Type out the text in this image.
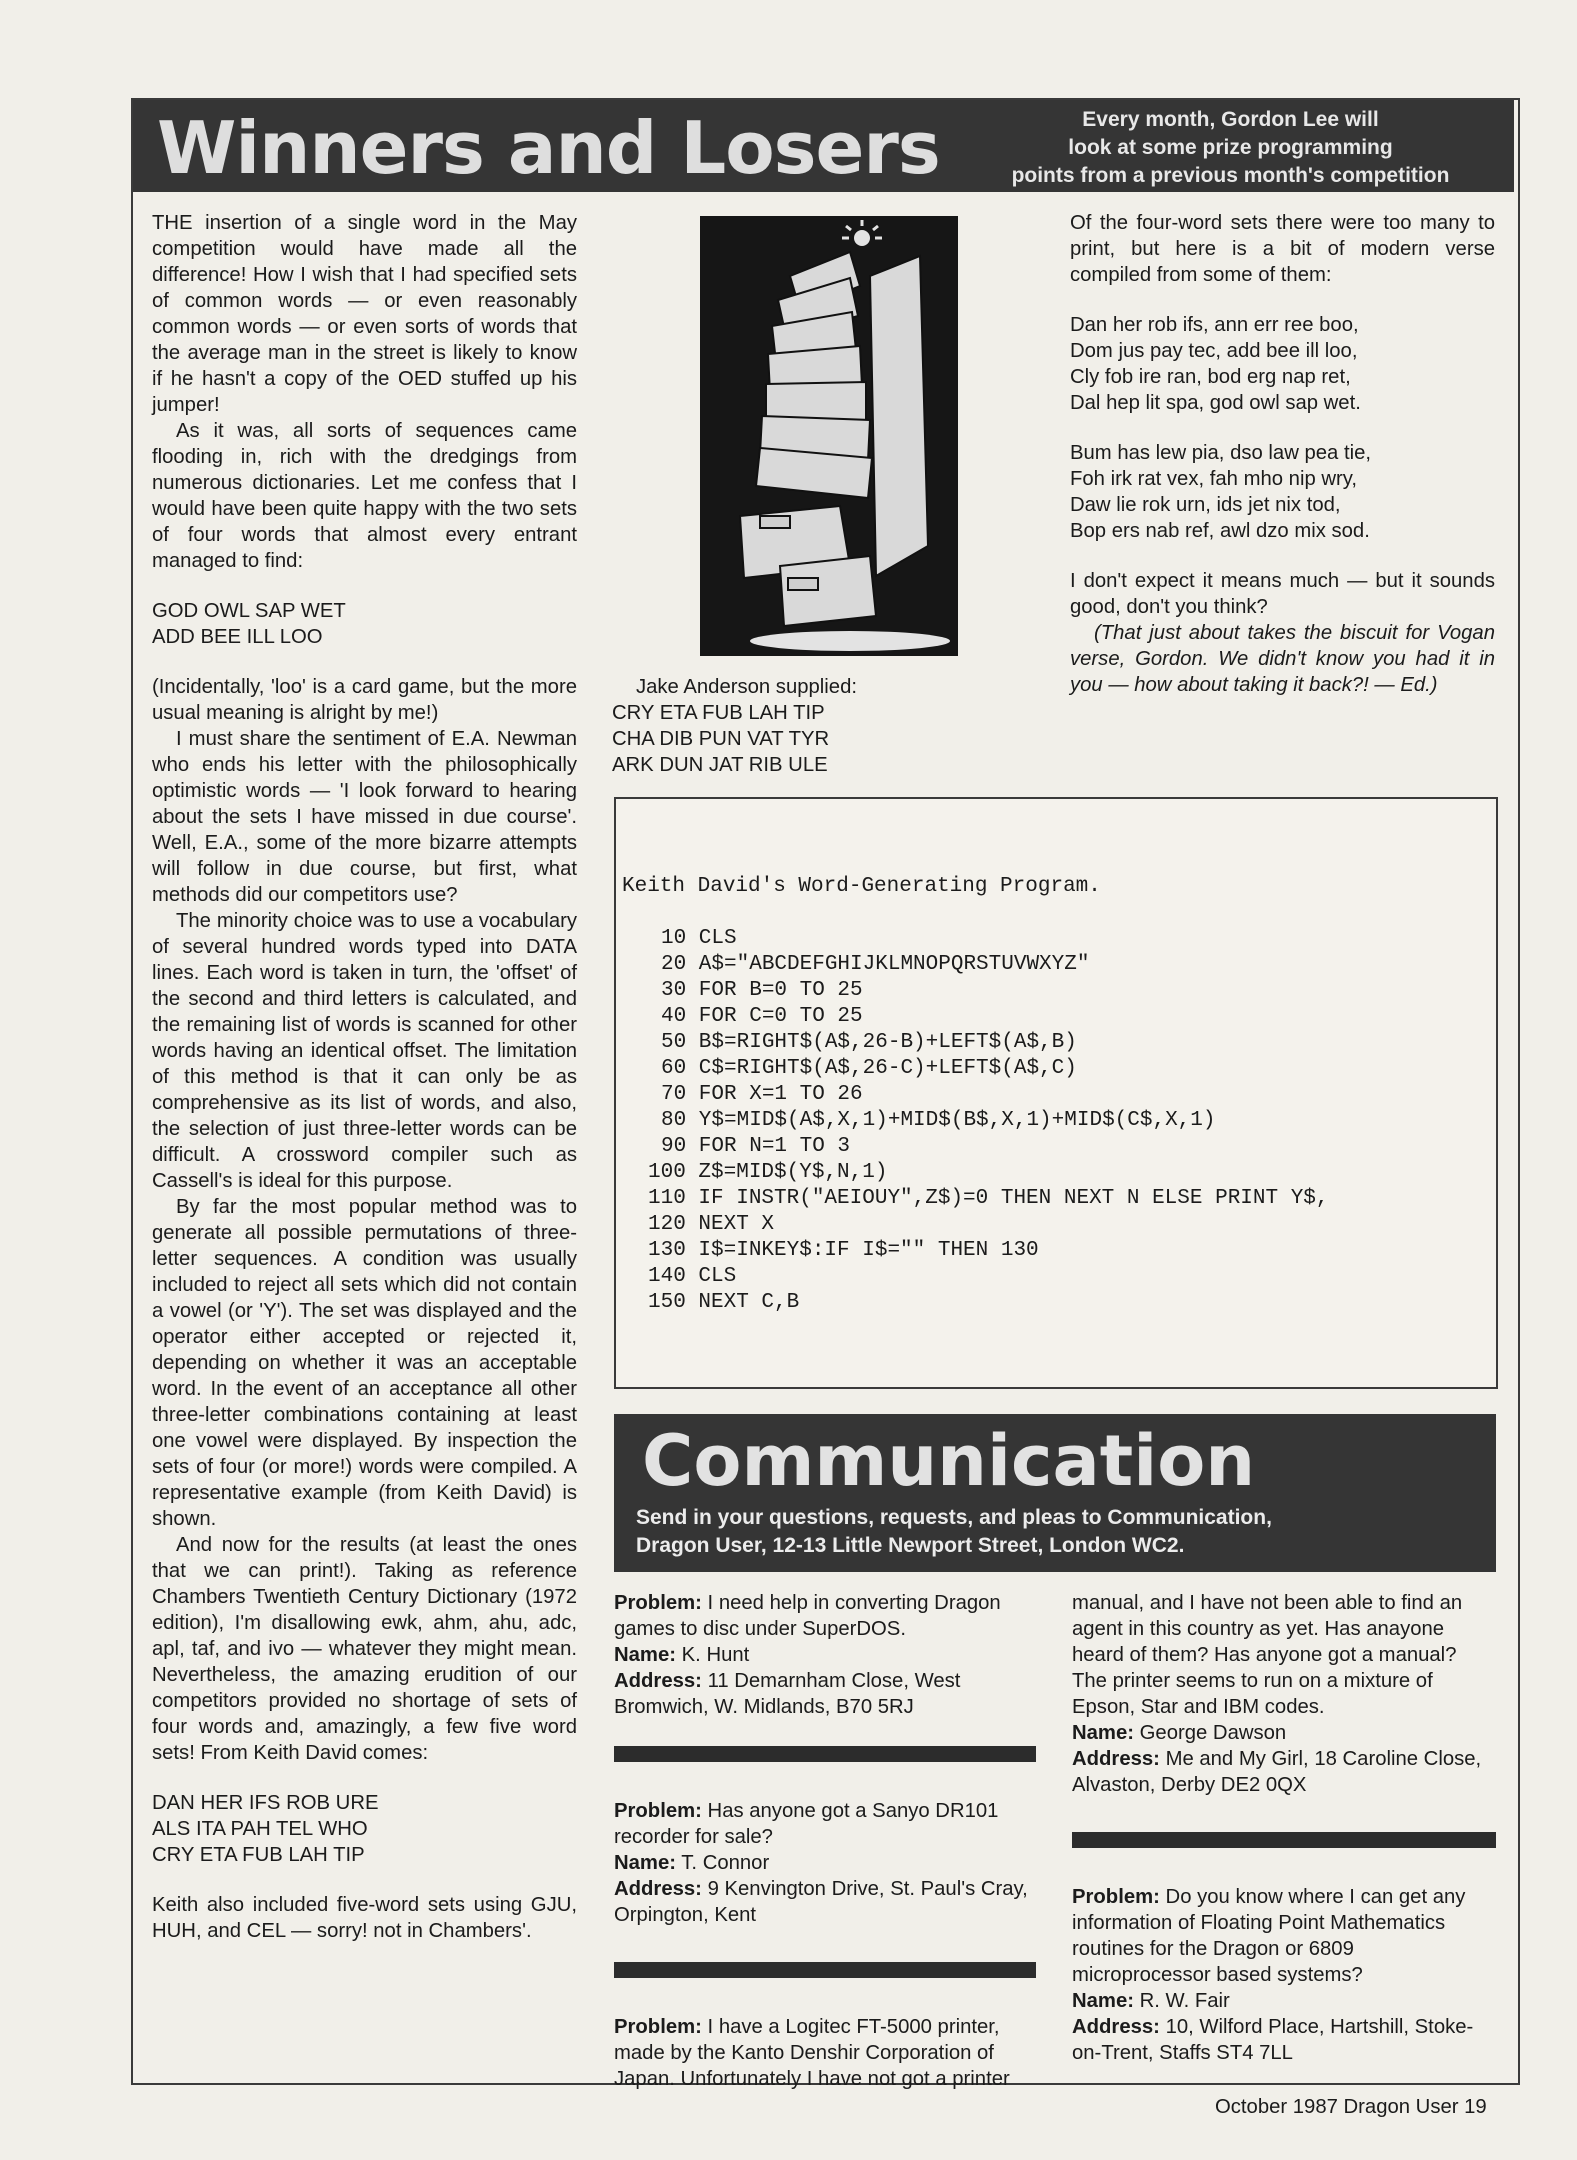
Winners and Losers	Every month, Gordon Lee will
look at some prize programming
points from a previous month's competition

THE insertion of a single word in the May competition would have made all the difference! How I wish that I had specified sets of common words — or even reasonably common words — or even sorts of words that the average man in the street is likely to know if he hasn't a copy of the OED stuffed up his jumper!

As it was, all sorts of sequences came flooding in, rich with the dredgings from numerous dictionaries. Let me confess that I would have been quite happy with the two sets of four words that almost every entrant managed to find:

GOD OWL SAP WET
ADD BEE ILL LOO

(Incidentally, 'loo' is a card game, but the more usual meaning is alright by me!)

I must share the sentiment of E.A. Newman who ends his letter with the philosophically optimistic words — 'I look forward to hearing about the sets I have missed in due course'. Well, E.A., some of the more bizarre attempts will follow in due course, but first, what methods did our competitors use?

The minority choice was to use a vocabulary of several hundred words typed into DATA lines. Each word is taken in turn, the 'offset' of the second and third letters is calculated, and the remaining list of words is scanned for other words having an identical offset. The limitation of this method is that it can only be as comprehensive as its list of words, and also, the selection of just three-letter words can be difficult. A crossword compiler such as Cassell's is ideal for this purpose.

By far the most popular method was to generate all possible permutations of three-letter sequences. A condition was usually included to reject all sets which did not contain a vowel (or 'Y'). The set was displayed and the operator either accepted or rejected it, depending on whether it was an acceptable word. In the event of an acceptance all other three-letter combinations containing at least one vowel were displayed. By inspection the sets of four (or more!) words were compiled. A representative example (from Keith David) is shown.

And now for the results (at least the ones that we can print!). Taking as reference Chambers Twentieth Century Dictionary (1972 edition), I'm disallowing ewk, ahm, ahu, adc, apl, taf, and ivo — whatever they might mean. Nevertheless, the amazing erudition of our competitors provided no shortage of sets of four words and, amazingly, a few five word sets! From Keith David comes:

DAN HER IFS ROB URE
ALS ITA PAH TEL WHO
CRY ETA FUB LAH TIP

Keith also included five-word sets using GJU, HUH, and CEL — sorry! not in Chambers'.

Jake Anderson supplied:
CRY ETA FUB LAH TIP
CHA DIB PUN VAT TYR
ARK DUN JAT RIB ULE

Of the four-word sets there were too many to print, but here is a bit of modern verse compiled from some of them:

Dan her rob ifs, ann err ree boo,
Dom jus pay tec, add bee ill loo,
Cly fob ire ran, bod erg nap ret,
Dal hep lit spa, god owl sap wet.
Bum has lew pia, dso law pea tie,
Foh irk rat vex, fah mho nip wry,
Daw lie rok urn, ids jet nix tod,
Bop ers nab ref, awl dzo mix sod.

I don't expect it means much — but it sounds good, don't you think?

(That just about takes the biscuit for Vogan verse, Gordon. We didn't know you had it in you — how about taking it back?! — Ed.)

Keith David's Word-Generating Program.
10 CLS
20 A$="ABCDEFGHIJKLMNOPQRSTUVWXYZ"
30 FOR B=0 TO 25
40 FOR C=0 TO 25
50 B$=RIGHT$(A$,26-B)+LEFT$(A$,B)
60 C$=RIGHT$(A$,26-C)+LEFT$(A$,C)
70 FOR X=1 TO 26
80 Y$=MID$(A$,X,1)+MID$(B$,X,1)+MID$(C$,X,1)
90 FOR N=1 TO 3
100 Z$=MID$(Y$,N,1)
110 IF INSTR("AEIOUY",Z$)=0 THEN NEXT N ELSE PRINT Y$,
120 NEXT X
130 I$=INKEY$:IF I$="" THEN 130
140 CLS
150 NEXT C,B
Communication
Send in your questions, requests, and pleas to Communication,
Dragon User, 12-13 Little Newport Street, London WC2.
Problem: I need help in converting Dragon games to disc under SuperDOS.
Name: K. Hunt
Address: 11 Demarnham Close, West Bromwich, W. Midlands, B70 5RJ
Problem: Has anyone got a Sanyo DR101 recorder for sale?
Name: T. Connor
Address: 9 Kenvington Drive, St. Paul's Cray, Orpington, Kent
Problem: I have a Logitec FT-5000 printer, made by the Kanto Denshir Corporation of Japan. Unfortunately I have not got a printer
manual, and I have not been able to find an agent in this country as yet. Has anayone heard of them? Has anyone got a manual? The printer seems to run on a mixture of Epson, Star and IBM codes.
Name: George Dawson
Address: Me and My Girl, 18 Caroline Close, Alvaston, Derby DE2 0QX
Problem: Do you know where I can get any information of Floating Point Mathematics routines for the Dragon or 6809 microprocessor based systems?
Name: R. W. Fair
Address: 10, Wilford Place, Hartshill, Stoke-on-Trent, Staffs ST4 7LL
October 1987 Dragon User 19
